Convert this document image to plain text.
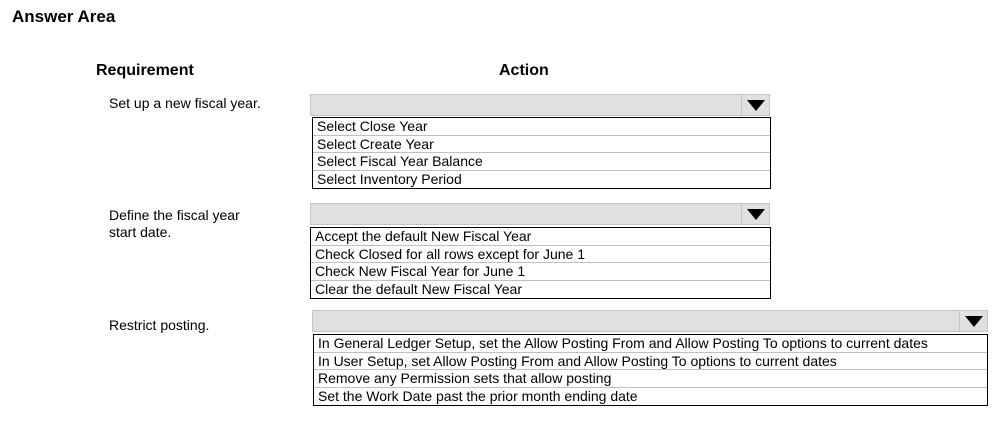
Answer Area
Requirement	Action
Set up a new fiscal year.
Select Close Year
Select Create Year
Select Fiscal Year Balance
Select Inventory Period
Define the fiscal year
start date.	Accept the default New Fiscal Year
Check Closed for all rows except for June 1
Check New Fiscal Year for June 1
Clear the default New Fiscal Year
Restrict posting.
In General Ledger Setup, set the Allow Posting From and Allow Posting To options to current dates
In User Setup, set Allow Posting From and Allow Posting To options to current dates
Remove any Permission sets that allow posting
Set the Work Date past the prior month ending date
